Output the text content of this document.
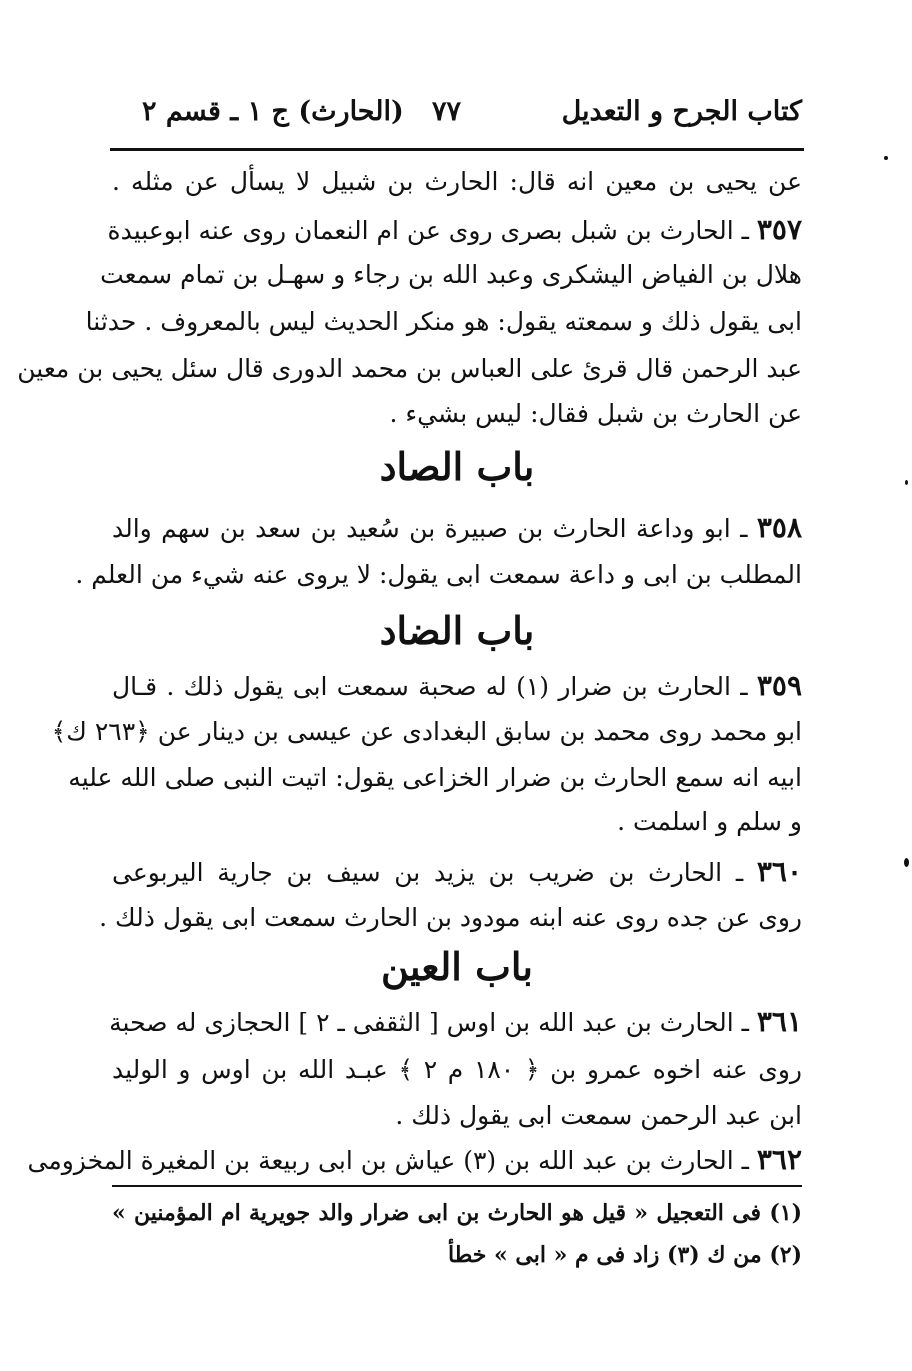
كتاب الجرح و التعديل
٧٧
(الحارث) ج ١ ـ قسم ٢
عن يحيى بن معين انه قال: الحارث بن شبيل لا يسأل عن مثله .
٣٥٧ ـ الحارث بن شبل بصرى روى عن ام النعمان روى عنه ابوعبيدة
هلال بن الفياض اليشكرى وعبد الله بن رجاء و سهـل بن تمام سمعت
ابى يقول ذلك و سمعته يقول: هو منكر الحديث ليس بالمعروف . حدثنا
عبد الرحمن قال قرئ على العباس بن محمد الدورى قال سئل يحيى بن معين
عن الحارث بن شبل فقال: ليس بشيء .
باب الصاد
٣٥٨ ـ ابو وداعة الحارث بن صبيرة بن سُعيد بن سعد بن سهم والد
المطلب بن ابى و داعة سمعت ابى يقول: لا يروى عنه شيء من العلم .
باب الضاد
٣٥٩ ـ الحارث بن ضرار (١) له صحبة سمعت ابى يقول ذلك . قـال
ابو محمد روى محمد بن سابق البغدادى عن عيسى بن دينار عن ﴿٢٦٣ ك﴾
ابيه انه سمع الحارث بن ضرار الخزاعى يقول: اتيت النبى صلى الله عليه
و سلم و اسلمت .
٣٦٠ ـ الحارث بن ضريب بن يزيد بن سيف بن جارية اليربوعى
روى عن جده روى عنه ابنه مودود بن الحارث سمعت ابى يقول ذلك .
باب العين
٣٦١ ـ الحارث بن عبد الله بن اوس [ الثقفى ـ ٢ ] الحجازى له صحبة
روى عنه اخوه عمرو بن ﴿ ١٨٠ م ٢ ﴾ عبـد الله بن اوس و الوليد
ابن عبد الرحمن سمعت ابى يقول ذلك .
٣٦٢ ـ الحارث بن عبد الله بن (٣) عياش بن ابى ربيعة بن المغيرة المخزومى
(١) فى التعجيل « قيل هو الحارث بن ابى ضرار والد جويرية ام المؤمنين »
(٢) من ك (٣) زاد فى م « ابى » خطأ
